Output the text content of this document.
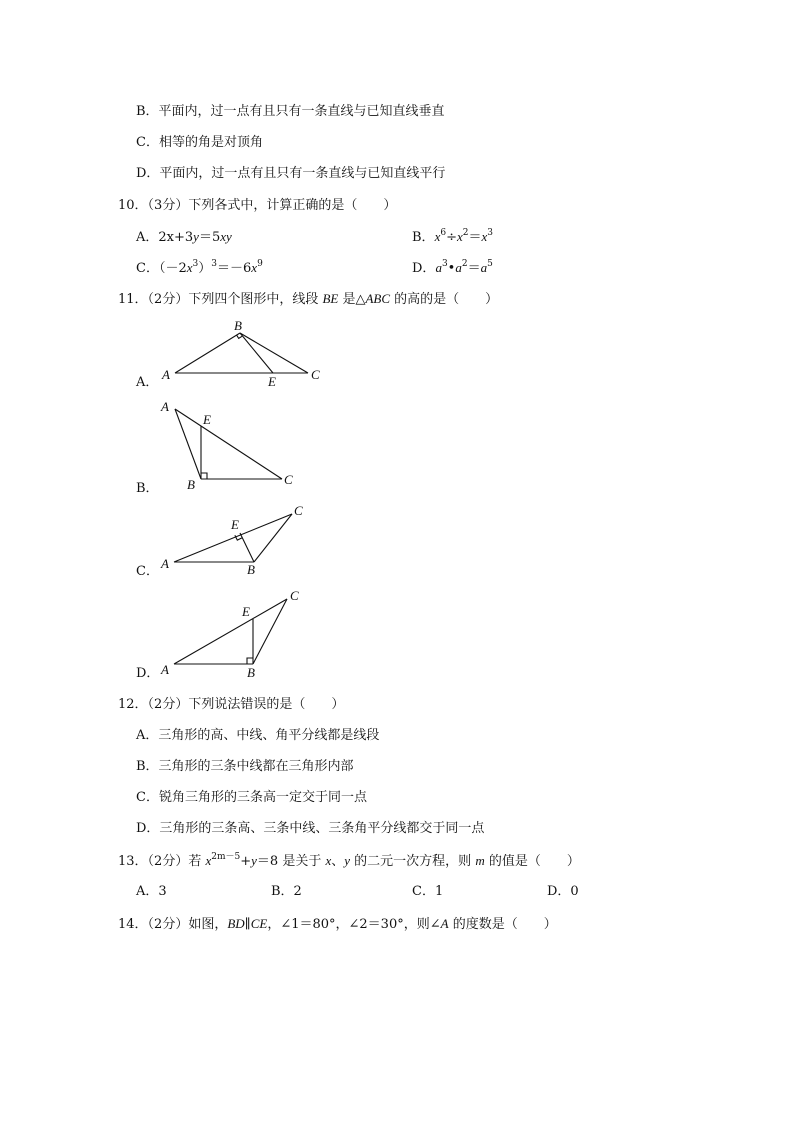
B．平面内，过一点有且只有一条直线与已知直线垂直
C．相等的角是对顶角
D．平面内，过一点有且只有一条直线与已知直线平行
10．（3分）下列各式中，计算正确的是（　　）
A．2x+3y＝5xy	B．$x^6\div x^2=x^3$
C．$(-2x^3)^3=-6x^9$	D．$a^3•a^2=a^5$
11．（2分）下列四个图形中，线段 BE 是△ABC 的高的是（　　）
A．
A
B
C
E
B．
A
E
B	C
C．
A
E
C
B
D． A
E
C
B
12．（2分）下列说法错误的是（　　）
A．三角形的高、中线、角平分线都是线段
B．三角形的三条中线都在三角形内部
C．锐角三角形的三条高一定交于同一点
D．三角形的三条高、三条中线、三条角平分线都交于同一点
13．（2分）若 $x^{2m-5}+y=8$ 是关于 x、y 的二元一次方程，则 m 的值是（　　）
A．3	B．2	C．1	D．0
14．（2分）如图，BD∥CE，∠1＝80°，∠2＝30°，则∠A 的度数是（　　）
